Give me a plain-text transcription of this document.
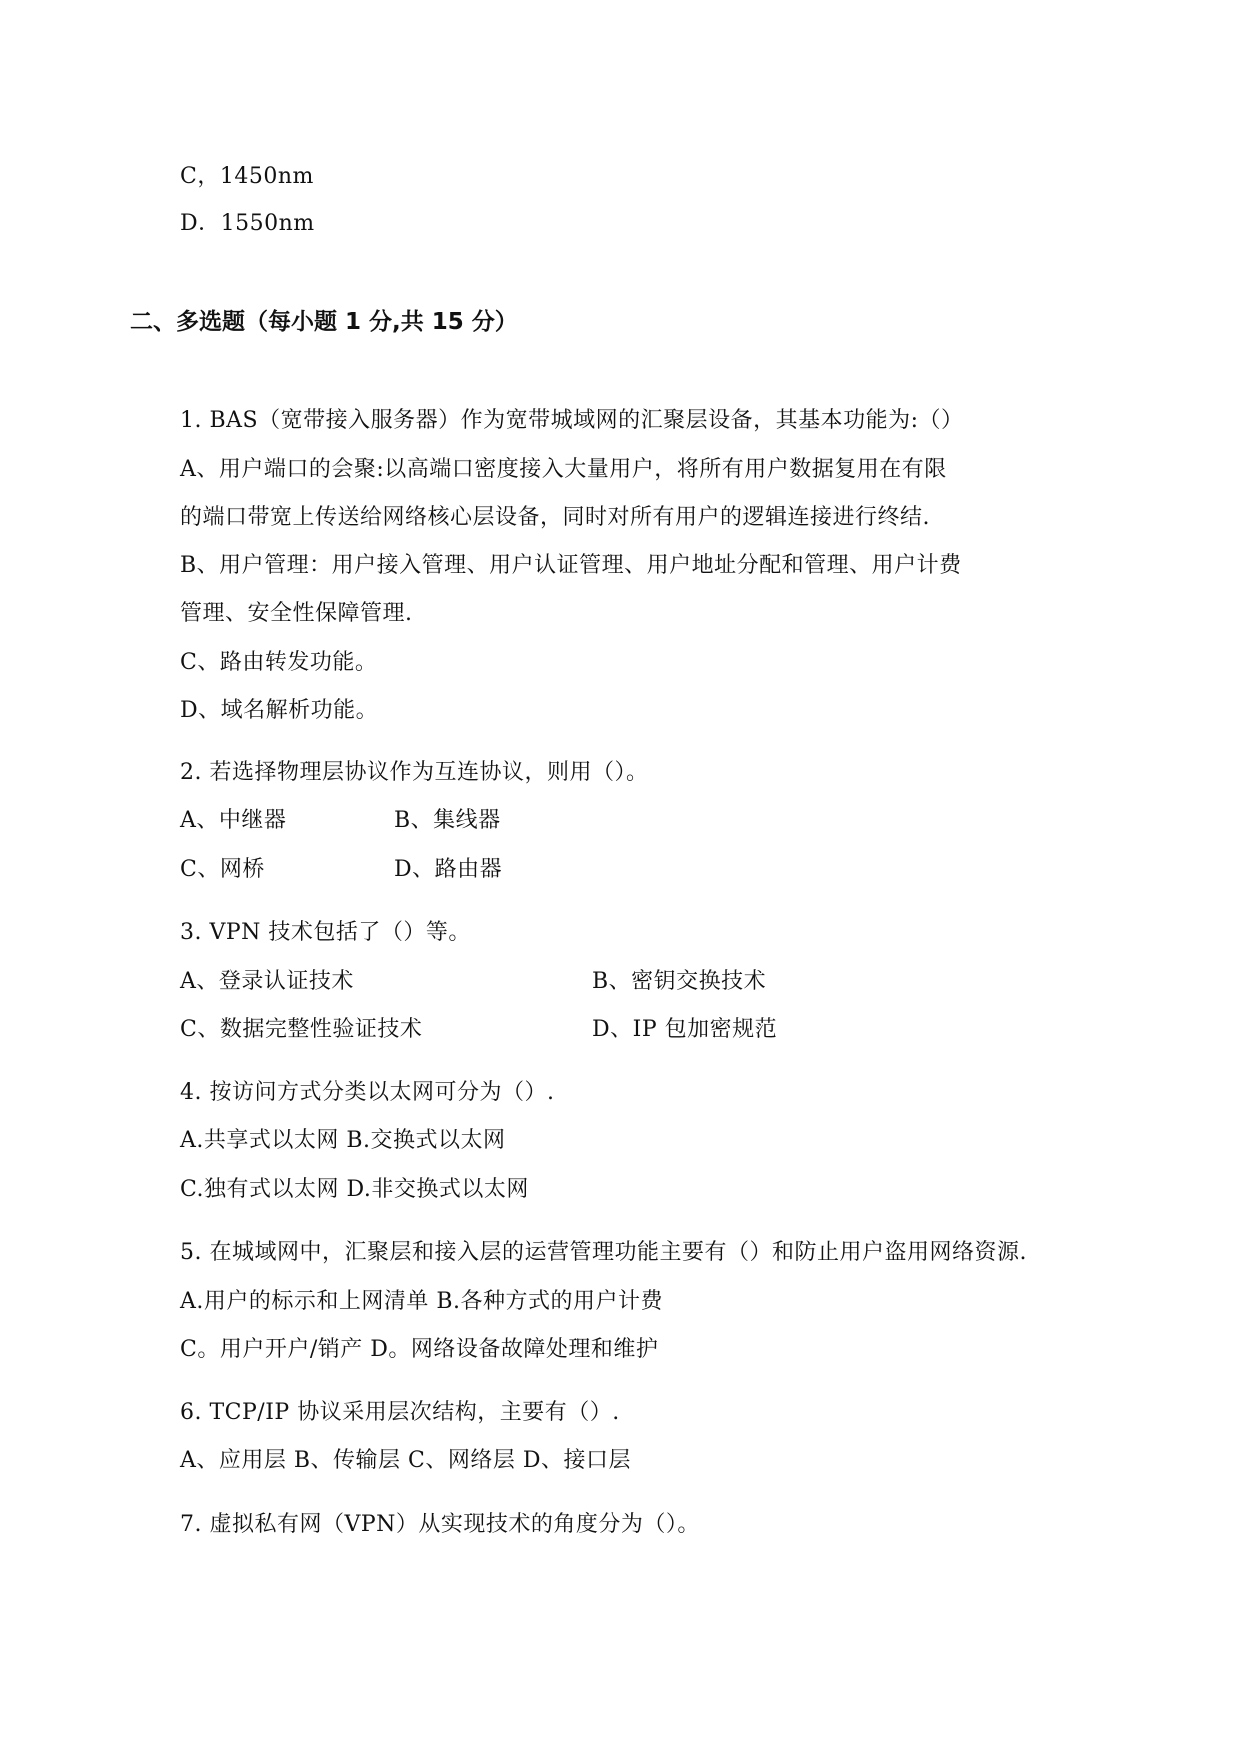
C，1450nm
D．1550nm
二、多选题（每小题 1 分,共 15 分）
1. BAS（宽带接入服务器）作为宽带城域网的汇聚层设备，其基本功能为:（）
A、用户端口的会聚:以高端口密度接入大量用户，将所有用户数据复用在有限
的端口带宽上传送给网络核心层设备，同时对所有用户的逻辑连接进行终结.
B、用户管理：用户接入管理、用户认证管理、用户地址分配和管理、用户计费
管理、安全性保障管理.
C、路由转发功能。
D、域名解析功能。
2. 若选择物理层协议作为互连协议，则用（）。
A、中继器	B、集线器
C、网桥	D、路由器
3. VPN 技术包括了（）等。
A、登录认证技术	B、密钥交换技术
C、数据完整性验证技术	D、IP 包加密规范
4. 按访问方式分类以太网可分为（）.
A.共享式以太网 B.交换式以太网
C.独有式以太网 D.非交换式以太网
5. 在城域网中，汇聚层和接入层的运营管理功能主要有（）和防止用户盗用网络资源.
A.用户的标示和上网清单 B.各种方式的用户计费
C。用户开户/销产 D。网络设备故障处理和维护
6. TCP/IP 协议采用层次结构，主要有（）.
A、应用层 B、传输层 C、网络层 D、接口层
7. 虚拟私有网（VPN）从实现技术的角度分为（）。
